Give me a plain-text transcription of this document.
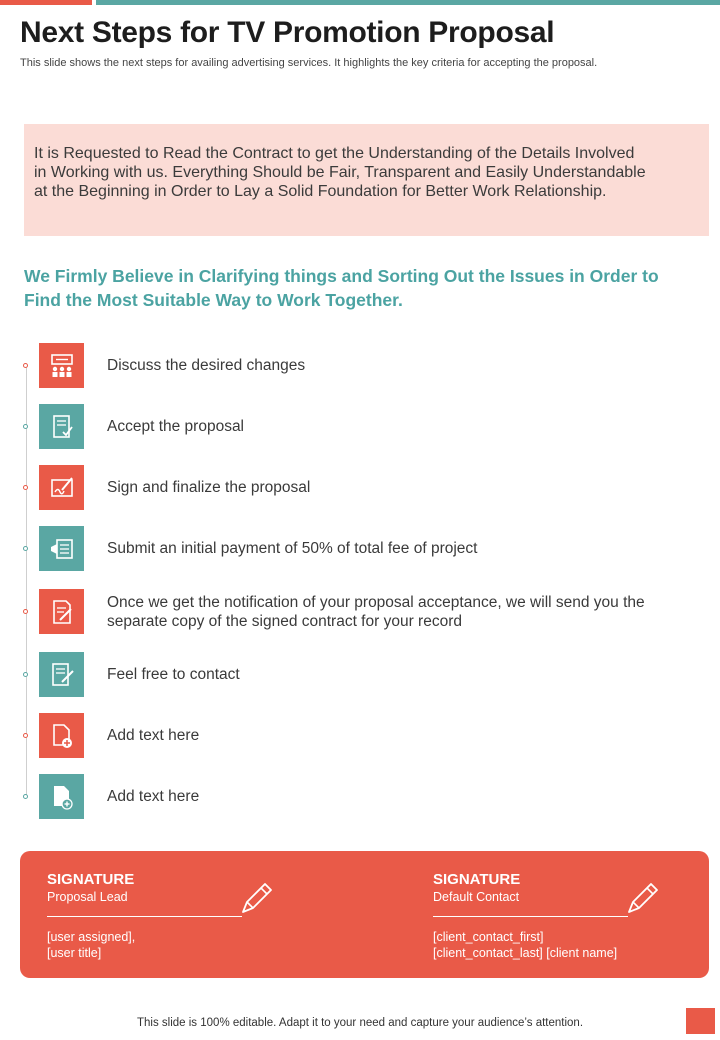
Next Steps for TV Promotion Proposal
This slide shows the next steps for availing advertising services. It highlights the key criteria for accepting the proposal.

It is Requested to Read the Contract to get the Understanding of the Details Involved in Working with us. Everything Should be Fair, Transparent and Easily Understandable at the Beginning in Order to Lay a Solid Foundation for Better Work Relationship.

We Firmly Believe in Clarifying things and Sorting Out the Issues in Order to Find the Most Suitable Way to Work Together.
Discuss the desired changes
Accept the proposal
Sign and finalize the proposal
Submit an initial payment of 50% of total fee of project
Once we get the notification of your proposal acceptance, we will send you the separate copy of the signed contract for your record
Feel free to contact
Add text here
Add text here
SIGNATURE
Proposal Lead
[user assigned],
[user title]
SIGNATURE
Default Contact
[client_contact_first]
[client_contact_last] [client name]
This slide is 100% editable. Adapt it to your need and capture your audience’s attention.
